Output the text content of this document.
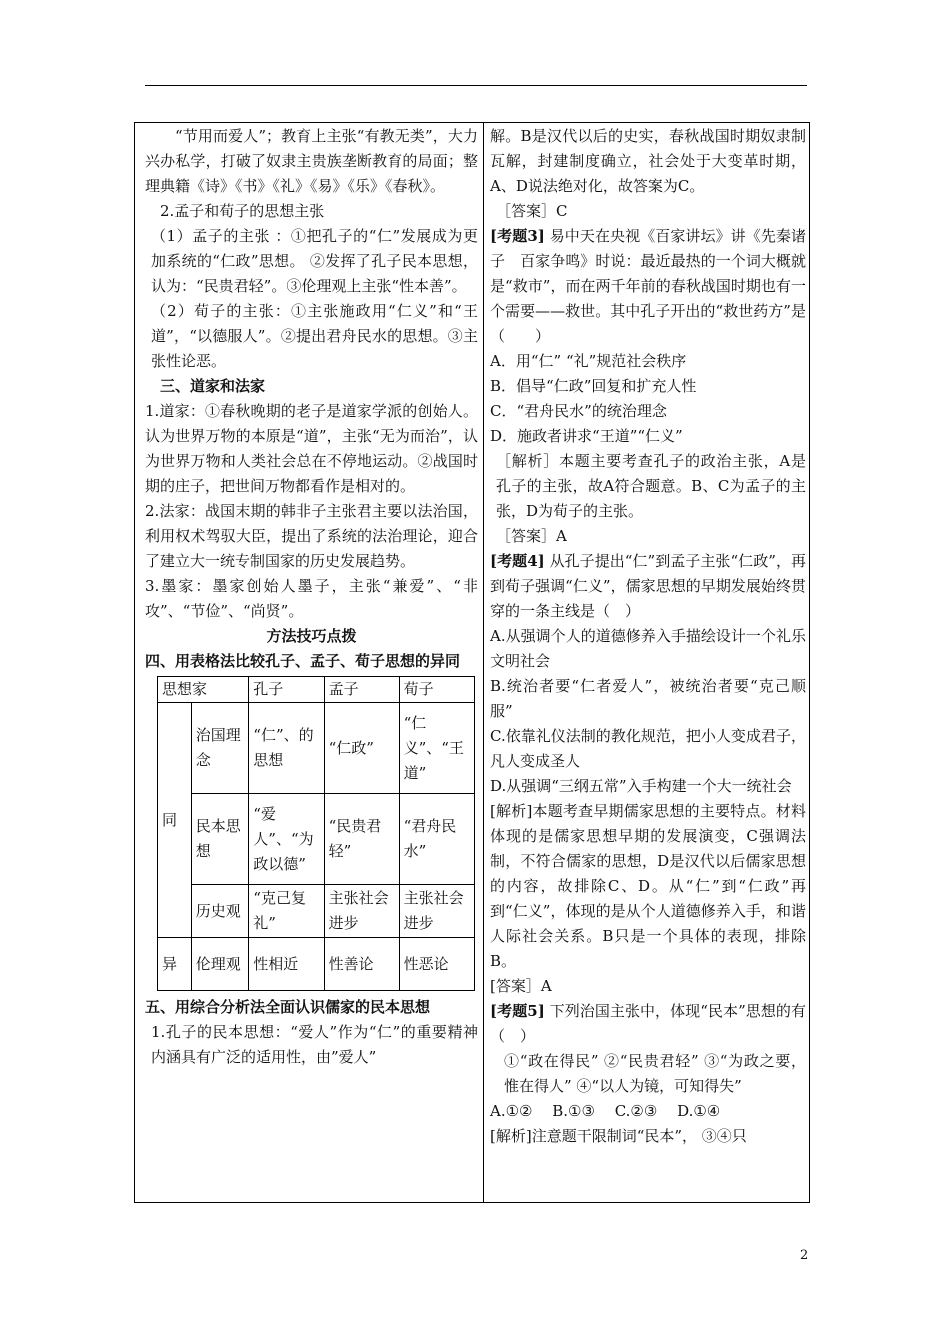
“节用而爱人”；教育上主张“有教无类”，大力兴办私学，打破了奴隶主贵族垄断教育的局面；整理典籍《诗》《书》《礼》《易》《乐》《春秋》。

2.孟子和荀子的思想主张

（1）孟子的主张 ：①把孔子的“仁”发展成为更加系统的“仁政”思想。 ②发挥了孔子民本思想，认为：“民贵君轻”。③伦理观上主张“性本善”。

（2）荀子的主张：①主张施政用“仁义”和“王道”，“以德服人”。②提出君舟民水的思想。③主张性论恶。

三、道家和法家

1.道家：①春秋晚期的老子是道家学派的创始人。认为世界万物的本原是“道”，主张“无为而治”，认为世界万物和人类社会总在不停地运动。②战国时期的庄子，把世间万物都看作是相对的。

2.法家：战国末期的韩非子主张君主要以法治国，利用权术驾驭大臣，提出了系统的法治理论，迎合了建立大一统专制国家的历史发展趋势。

3.墨家：墨家创始人墨子，主张“兼爱”、“非攻”、“节俭”、“尚贤”。

方法技巧点拨

四、用表格法比较孔子、孟子、荀子思想的异同

思想家		孔子	孟子	荀子
同	治国理念	“仁”、的思想	“仁政”	“仁义”、“王道”
	民本思想	“爱人”、“为政以德”	“民贵君轻”	“君舟民水”
	历史观	“克己复礼”	主张社会进步	主张社会进步
异	伦理观	性相近	性善论	性恶论

五、用综合分析法全面认识儒家的民本思想

1.孔子的民本思想：“爱人”作为“仁”的重要精神内涵具有广泛的适用性，由”爱人”

解。B是汉代以后的史实，春秋战国时期奴隶制瓦解，封建制度确立，社会处于大变革时期，A、D说法绝对化，故答案为C。

［答案］C

[考题3] 易中天在央视《百家讲坛》讲《先秦诸子　百家争鸣》时说：最近最热的一个词大概就是“救市”，而在两千年前的春秋战国时期也有一个需要——救世。其中孔子开出的“救世药方”是（　　）

A．用“仁” “礼”规范社会秩序

B．倡导“仁政”回复和扩充人性

C．“君舟民水”的统治理念

D．施政者讲求“王道”“仁义”

［解析］本题主要考查孔子的政治主张，A是孔子的主张，故A符合题意。B、C为孟子的主张，D为荀子的主张。

［答案］A

[考题4] 从孔子提出“仁”到孟子主张“仁政”，再到荀子强调“仁义”，儒家思想的早期发展始终贯穿的一条主线是（　）

A.从强调个人的道德修养入手描绘设计一个礼乐文明社会

B.统治者要“仁者爱人”，被统治者要“克己顺服”

C.依靠礼仪法制的教化规范，把小人变成君子，凡人变成圣人

D.从强调“三纲五常”入手构建一个大一统社会

[解析]本题考查早期儒家思想的主要特点。材料体现的是儒家思想早期的发展演变，C强调法制，不符合儒家的思想，D是汉代以后儒家思想的内容，故排除C、D。从“仁”到“仁政”再到“仁义”，体现的是从个人道德修养入手，和谐人际社会关系。B只是一个具体的表现，排除B。

[答案］A

[考题5] 下列治国主张中，体现“民本”思想的有（　）

①“政在得民” ②“民贵君轻” ③“为政之要，惟在得人” ④“以人为镜，可知得失”

A.①②　 B.①③　 C.②③　 D.①④

[解析]注意题干限制词“民本”， ③④只

2
